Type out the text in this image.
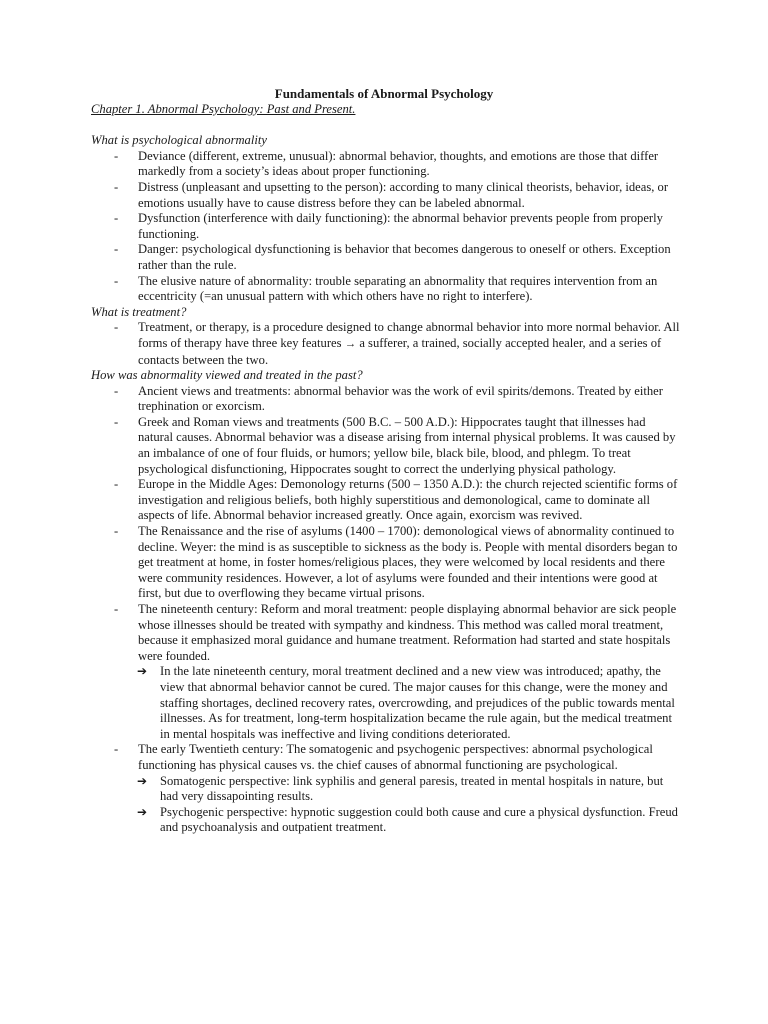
Fundamentals of Abnormal Psychology
Chapter 1. Abnormal Psychology: Past and Present.
What is psychological abnormality
- Deviance (different, extreme, unusual): abnormal behavior, thoughts, and emotions are those that differ markedly from a society’s ideas about proper functioning.
- Distress (unpleasant and upsetting to the person): according to many clinical theorists, behavior, ideas, or emotions usually have to cause distress before they can be labeled abnormal.
- Dysfunction (interference with daily functioning): the abnormal behavior prevents people from properly functioning.
- Danger: psychological dysfunctioning is behavior that becomes dangerous to oneself or others. Exception rather than the rule.
- The elusive nature of abnormality: trouble separating an abnormality that requires intervention from an eccentricity (=an unusual pattern with which others have no right to interfere).
What is treatment?
- Treatment, or therapy, is a procedure designed to change abnormal behavior into more normal behavior. All forms of therapy have three key features → a sufferer, a trained, socially accepted healer, and a series of contacts between the two.
How was abnormality viewed and treated in the past?
- Ancient views and treatments: abnormal behavior was the work of evil spirits/demons. Treated by either trephination or exorcism.
- Greek and Roman views and treatments (500 B.C. – 500 A.D.): Hippocrates taught that illnesses had natural causes. Abnormal behavior was a disease arising from internal physical problems. It was caused by an imbalance of one of four fluids, or humors; yellow bile, black bile, blood, and phlegm. To treat psychological disfunctioning, Hippocrates sought to correct the underlying physical pathology.
- Europe in the Middle Ages: Demonology returns (500 – 1350 A.D.): the church rejected scientific forms of investigation and religious beliefs, both highly superstitious and demonological, came to dominate all aspects of life. Abnormal behavior increased greatly. Once again, exorcism was revived.
- The Renaissance and the rise of asylums (1400 – 1700): demonological views of abnormality continued to decline. Weyer: the mind is as susceptible to sickness as the body is. People with mental disorders began to get treatment at home, in foster homes/religious places, they were welcomed by local residents and there were community residences. However, a lot of asylums were founded and their intentions were good at first, but due to overflowing they became virtual prisons.
- The nineteenth century: Reform and moral treatment: people displaying abnormal behavior are sick people whose illnesses should be treated with sympathy and kindness. This method was called moral treatment, because it emphasized moral guidance and humane treatment. Reformation had started and state hospitals were founded.
➔ In the late nineteenth century, moral treatment declined and a new view was introduced; apathy, the view that abnormal behavior cannot be cured. The major causes for this change, were the money and staffing shortages, declined recovery rates, overcrowding, and prejudices of the public towards mental illnesses. As for treatment, long-term hospitalization became the rule again, but the medical treatment in mental hospitals was ineffective and living conditions deteriorated.
- The early Twentieth century: The somatogenic and psychogenic perspectives: abnormal psychological functioning has physical causes vs. the chief causes of abnormal functioning are psychological.
➔ Somatogenic perspective: link syphilis and general paresis, treated in mental hospitals in nature, but had very dissapointing results.
➔ Psychogenic perspective: hypnotic suggestion could both cause and cure a physical dysfunction. Freud and psychoanalysis and outpatient treatment.
